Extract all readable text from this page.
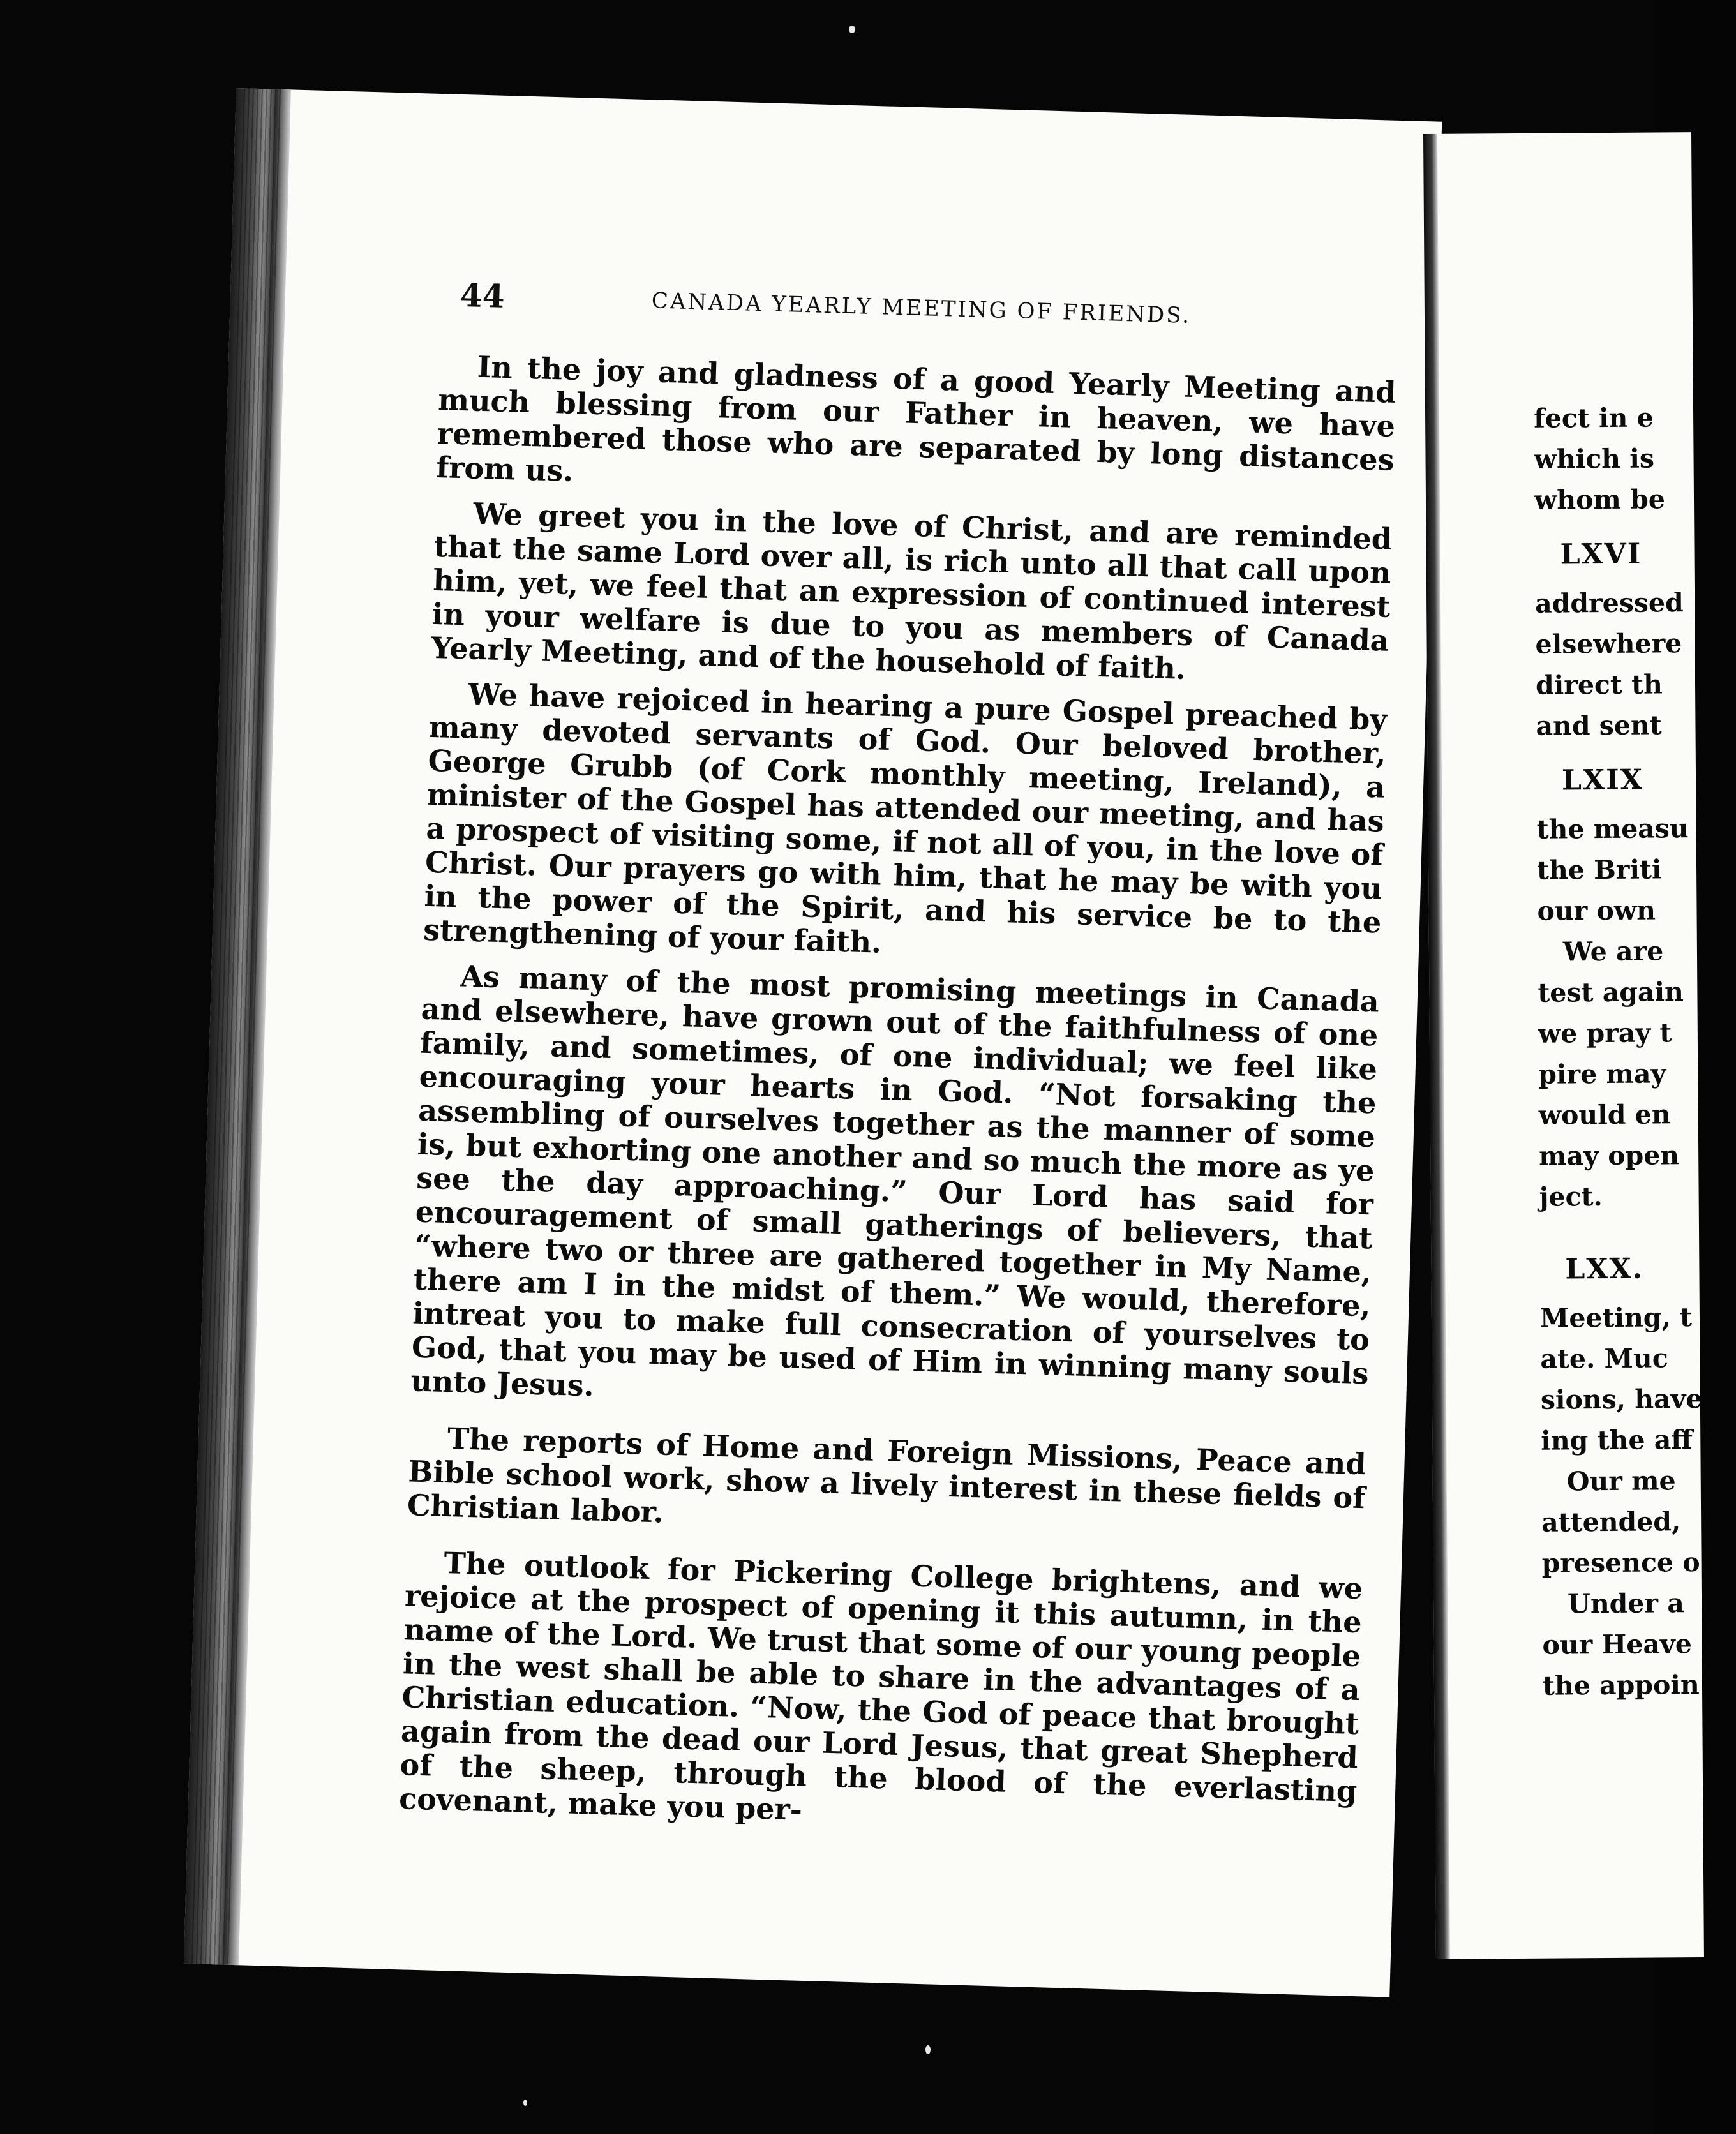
44	CANADA YEARLY MEETING OF FRIENDS.

In the joy and gladness of a good Yearly Meeting and much blessing from our Father in heaven, we have remembered those who are separated by long distances from us.

We greet you in the love of Christ, and are reminded that the same Lord over all, is rich unto all that call upon him, yet, we feel that an expression of continued interest in your welfare is due to you as members of Canada Yearly Meeting, and of the household of faith.

We have rejoiced in hearing a pure Gospel preached by many devoted servants of God. Our beloved brother, George Grubb (of Cork monthly meeting, Ireland), a minister of the Gospel has attended our meeting, and has a prospect of visiting some, if not all of you, in the love of Christ. Our prayers go with him, that he may be with you in the power of the Spirit, and his service be to the strengthening of your faith.

As many of the most promising meetings in Canada and elsewhere, have grown out of the faithfulness of one family, and sometimes, of one individual; we feel like encouraging your hearts in God. “Not forsaking the assembling of ourselves together as the manner of some is, but exhorting one another and so much the more as ye see the day approaching.” Our Lord has said for encouragement of small gatherings of believers, that “where two or three are gathered together in My Name, there am I in the midst of them.” We would, therefore, intreat you to make full consecration of yourselves to God, that you may be used of Him in winning many souls unto Jesus.

The reports of Home and Foreign Missions, Peace and Bible school work, show a lively interest in these fields of Christian labor.

The outlook for Pickering College brightens, and we rejoice at the prospect of opening it this autumn, in the name of the Lord. We trust that some of our young people in the west shall be able to share in the advantages of a Christian education. “Now, the God of peace that brought again from the dead our Lord Jesus, that great Shepherd of the sheep, through the blood of the everlasting covenant, make you per-

fect in e
which is
whom be
LXVI
addressed
elsewhere
direct th
and sent
LXIX
the measu
the Briti
our own
We are
test again
we pray t
pire may
would en
may open
ject.
LXX.
Meeting, t
ate. Muc
sions, have
ing the aff
Our me
attended,
presence o
Under a
our Heave
the appoin
